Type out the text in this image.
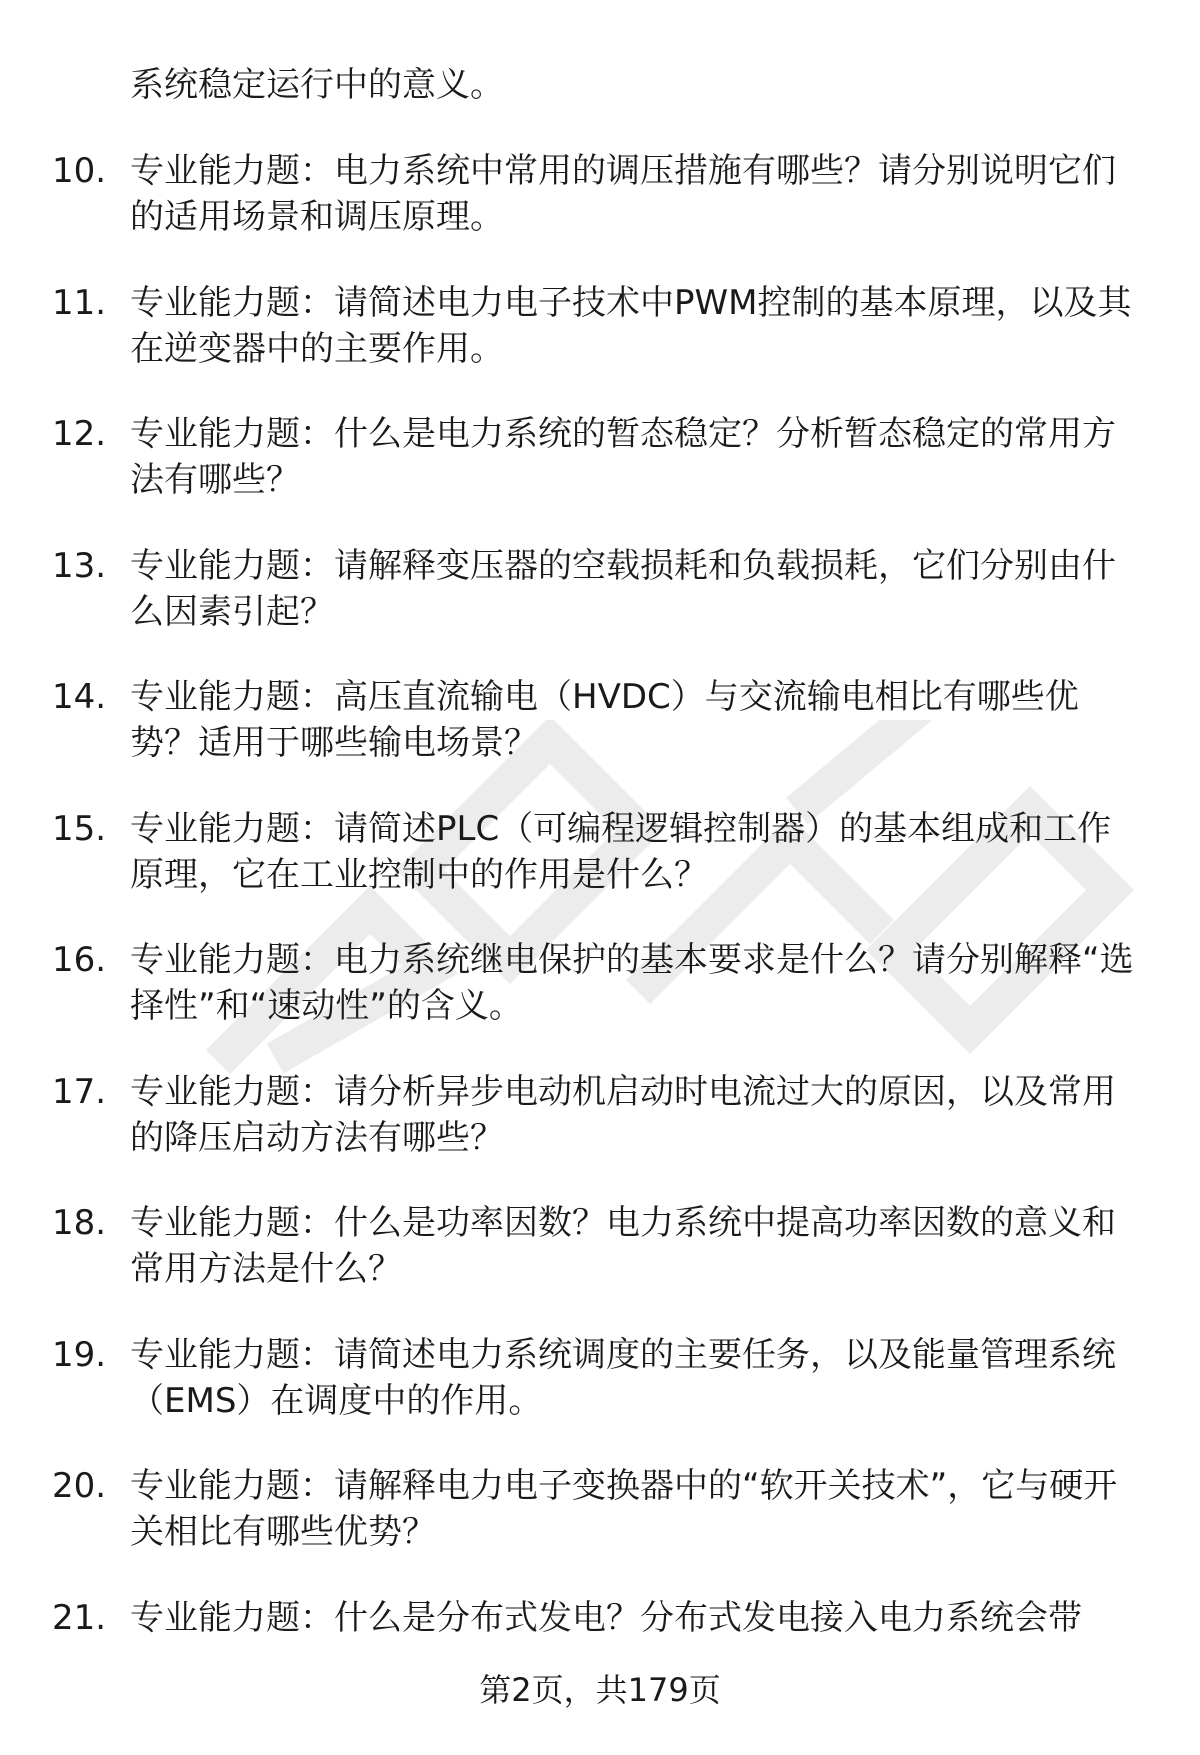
系统稳定运行中的意义。

10. 专业能力题：电力系统中常用的调压措施有哪些？请分别说明它们的适用场景和调压原理。
11. 专业能力题：请简述电力电子技术中PWM控制的基本原理，以及其在逆变器中的主要作用。
12. 专业能力题：什么是电力系统的暂态稳定？分析暂态稳定的常用方法有哪些？
13. 专业能力题：请解释变压器的空载损耗和负载损耗，它们分别由什么因素引起？
14. 专业能力题：高压直流输电（HVDC）与交流输电相比有哪些优势？适用于哪些输电场景？
15. 专业能力题：请简述PLC（可编程逻辑控制器）的基本组成和工作原理，它在工业控制中的作用是什么？
16. 专业能力题：电力系统继电保护的基本要求是什么？请分别解释“选择性”和“速动性”的含义。
17. 专业能力题：请分析异步电动机启动时电流过大的原因，以及常用的降压启动方法有哪些？
18. 专业能力题：什么是功率因数？电力系统中提高功率因数的意义和常用方法是什么？
19. 专业能力题：请简述电力系统调度的主要任务，以及能量管理系统（EMS）在调度中的作用。
20. 专业能力题：请解释电力电子变换器中的“软开关技术”，它与硬开关相比有哪些优势？
21. 专业能力题：什么是分布式发电？分布式发电接入电力系统会带
第2页，共179页
